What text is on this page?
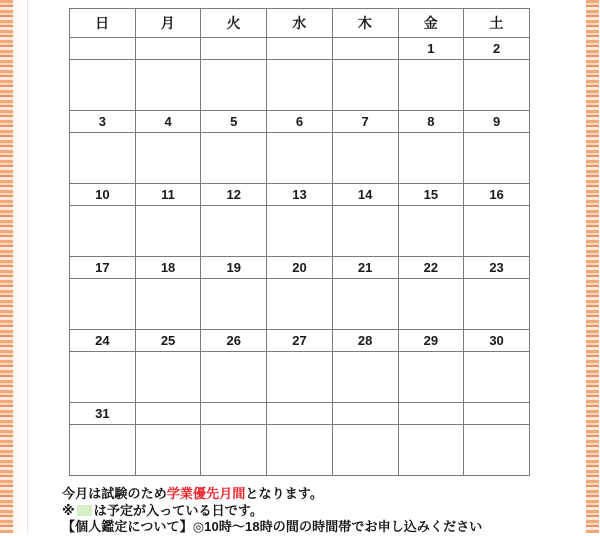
日	月	火	水	木	金	土
					1	2

3	4	5	6	7	8	9

10	11	12	13	14	15	16

17	18	19	20	21	22	23

24	25	26	27	28	29	30

31						

今月は試験のため学業優先月間となります。
※ は予定が入っている日です。
【個人鑑定について】◎10時～18時の間の時間帯でお申し込みください
